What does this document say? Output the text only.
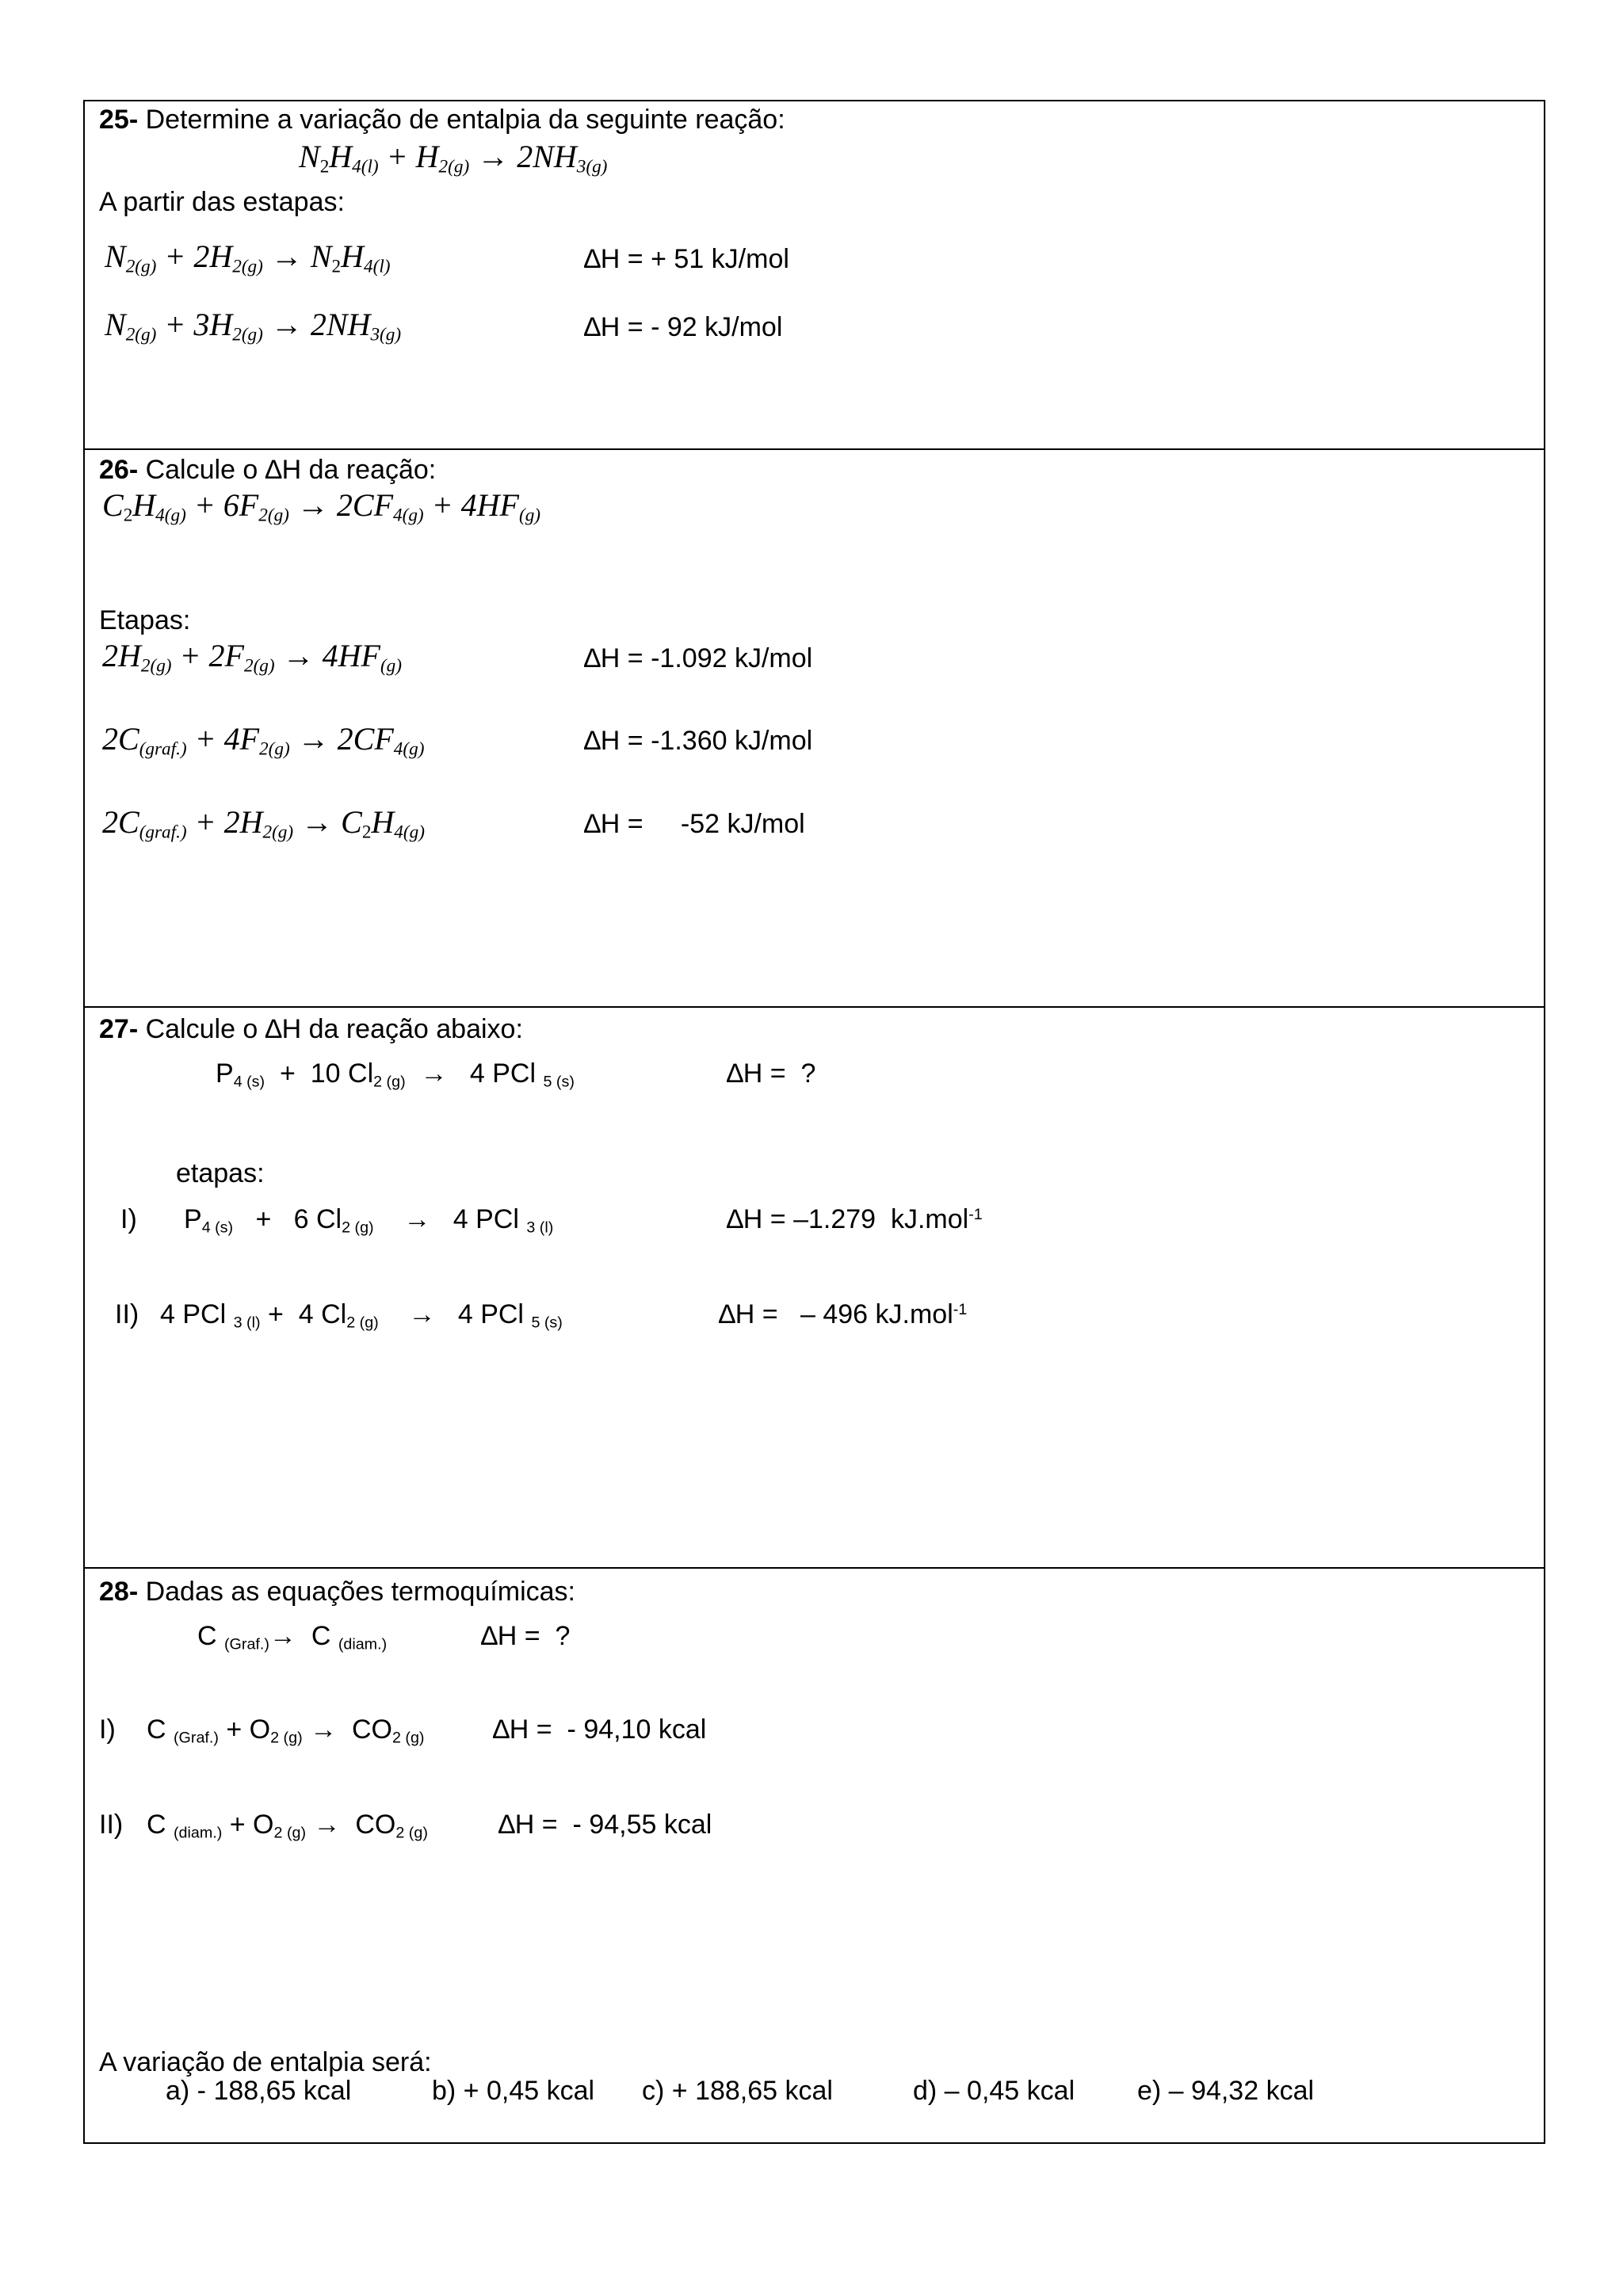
25- Determine a variação de entalpia da seguinte reação:
$N_2H_{4(l)} + H_{2(g)} \to 2NH_{3(g)}$
A partir das estapas:
$N_{2(g)} + 2H_{2(g)} \to N_2H_{4(l)}$	∆H = + 51 kJ/mol
$N_{2(g)} + 3H_{2(g)} \to 2NH_{3(g)}$	∆H = - 92 kJ/mol
26- Calcule o ∆H da reação:
$C_2H_{4(g)} + 6F_{2(g)} \to 2CF_{4(g)} + 4HF_{(g)}$
Etapas:
$2H_{2(g)} + 2F_{2(g)} \to 4HF_{(g)}$	∆H = -1.092 kJ/mol
$2C_{(graf.)} + 4F_{2(g)} \to 2CF_{4(g)}$	∆H = -1.360 kJ/mol
$2C_{(graf.)} + 2H_{2(g)} \to C_2H_{4(g)}$	∆H =     -52 kJ/mol
27- Calcule o ∆H da reação abaixo:
$P_{4 (s)} + 10$ $Cl_{2 (g)} \to 4$ PCl $_{5 (s)}$	∆H =  ?
etapas:
I) $P_{4 (s)} + 6$ $Cl_{2 (g)}$    →   4 PCl $_{3 (l)}$	∆H = –1.279  kJ.mol$^{-1}$
II) 4 PCl $_{3 (l)}$ +  4 $Cl_{2 (g)}$    →   4 PCl $_{5 (s)}$	∆H =   – 496 kJ.mol$^{-1}$
28- Dadas as equações termoquímicas:
C $_{(Graf.)}$→  C $_{(diam.)}$	∆H =  ?
I) C $_{(Graf.)} + O_{2 (g)} \to CO_{2 (g)}$	∆H =  - 94,10 kcal
II) C $_{(diam.)} + O_{2 (g)} \to CO_{2 (g)}$	∆H =  - 94,55 kcal
A variação de entalpia será:
a) - 188,65 kcal	b) + 0,45 kcal c) + 188,65 kcal	d) – 0,45 kcal e) – 94,32 kcal
